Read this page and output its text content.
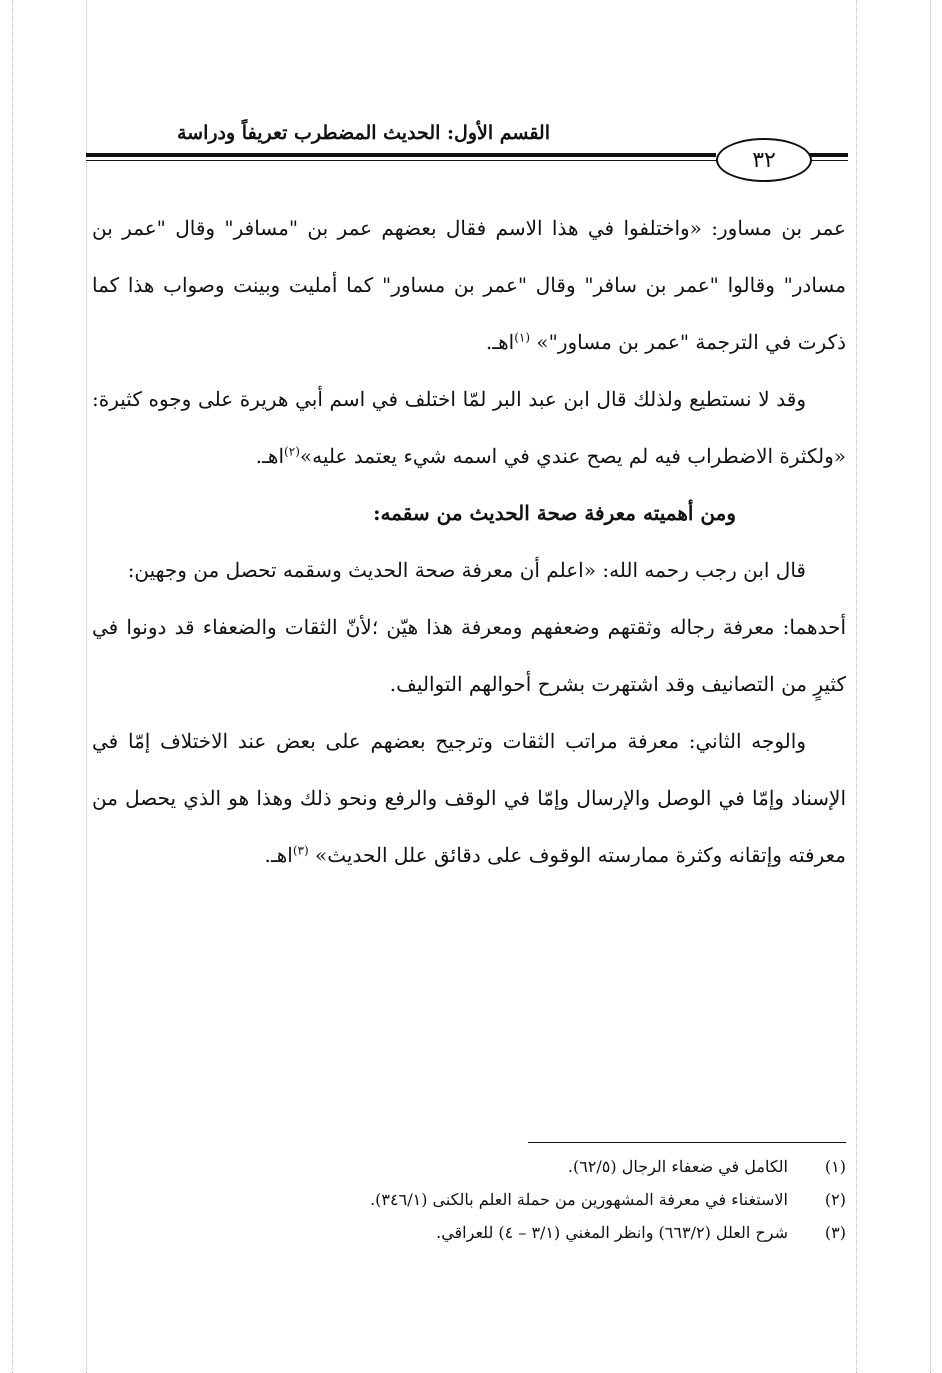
القسم الأول: الحديث المضطرب تعريفاً ودراسة
٣٢

عمر بن مساور: «واختلفوا في هذا الاسم فقال بعضهم عمر بن "مسافر" وقال "عمر بن مسادر" وقالوا "عمر بن سافر" وقال "عمر بن مساور" كما أمليت وبينت وصواب هذا كما ذكرت في الترجمة "عمر بن مساور"» $^{(١)}$اهـ.

وقد لا نستطيع ولذلك قال ابن عبد البر لمّا اختلف في اسم أبي هريرة على وجوه كثيرة: «ولكثرة الاضطراب فيه لم يصح عندي في اسمه شيء يعتمد عليه»$^{(٢)}$اهـ.

ومن أهميته معرفة صحة الحديث من سقمه:

قال ابن رجب رحمه الله: «اعلم أن معرفة صحة الحديث وسقمه تحصل من وجهين:

أحدهما: معرفة رجاله وثقتهم وضعفهم ومعرفة هذا هيّن ؛لأنّ الثقات والضعفاء قد دونوا في كثيرٍ من التصانيف وقد اشتهرت بشرح أحوالهم التواليف.

والوجه الثاني: معرفة مراتب الثقات وترجيح بعضهم على بعض عند الاختلاف إمّا في الإسناد وإمّا في الوصل والإرسال وإمّا في الوقف والرفع ونحو ذلك وهذا هو الذي يحصل من معرفته وإتقانه وكثرة ممارسته الوقوف على دقائق علل الحديث» $^{(٣)}$اهـ.

(١)
الكامل في ضعفاء الرجال (٦٢/٥).
(٢)
الاستغناء في معرفة المشهورين من حملة العلم بالكنى (٣٤٦/١).
(٣)
شرح العلل (٦٦٣/٢) وانظر المغني (٣/١ – ٤) للعراقي.
